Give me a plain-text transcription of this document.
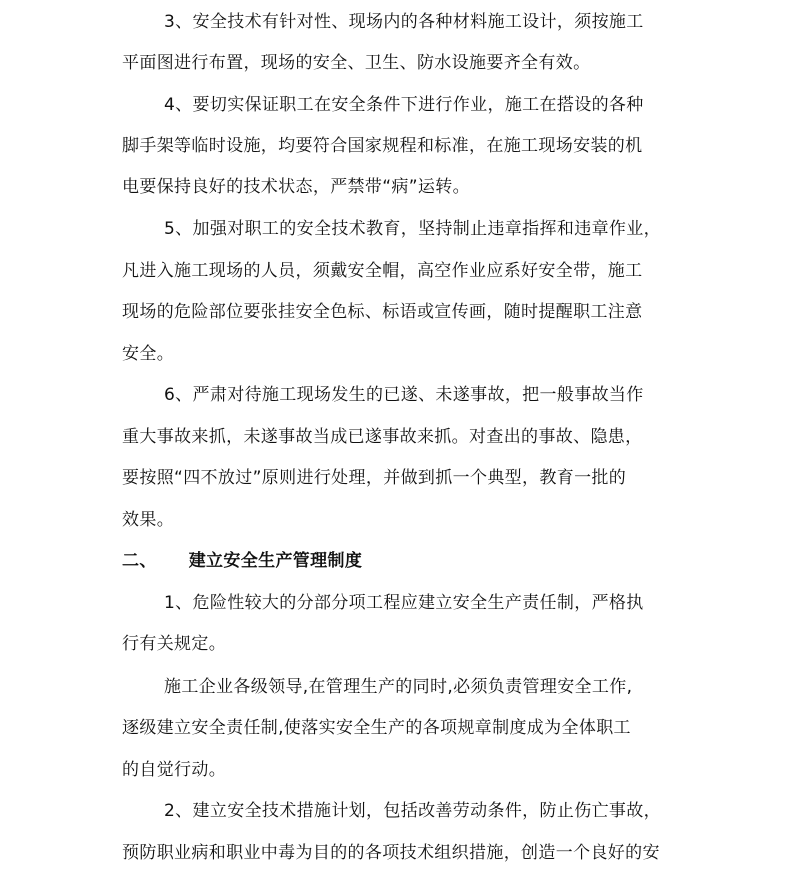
3、安全技术有针对性、现场内的各种材料施工设计，须按施工
平面图进行布置，现场的安全、卫生、防水设施要齐全有效。
4、要切实保证职工在安全条件下进行作业，施工在搭设的各种
脚手架等临时设施，均要符合国家规程和标准，在施工现场安装的机
电要保持良好的技术状态，严禁带“病”运转。
5、加强对职工的安全技术教育，坚持制止违章指挥和违章作业，
凡进入施工现场的人员，须戴安全帽，高空作业应系好安全带，施工
现场的危险部位要张挂安全色标、标语或宣传画，随时提醒职工注意
安全。
6、严肃对待施工现场发生的已遂、未遂事故，把一般事故当作
重大事故来抓，未遂事故当成已遂事故来抓。对查出的事故、隐患，
要按照“四不放过”原则进行处理，并做到抓一个典型，教育一批的
效果。
二、 建立安全生产管理制度
1、危险性较大的分部分项工程应建立安全生产责任制，严格执
行有关规定。
施工企业各级领导,在管理生产的同时,必须负责管理安全工作,
逐级建立安全责任制,使落实安全生产的各项规章制度成为全体职工
的自觉行动。
2、建立安全技术措施计划，包括改善劳动条件，防止伤亡事故，
预防职业病和职业中毒为目的的各项技术组织措施，创造一个良好的安
